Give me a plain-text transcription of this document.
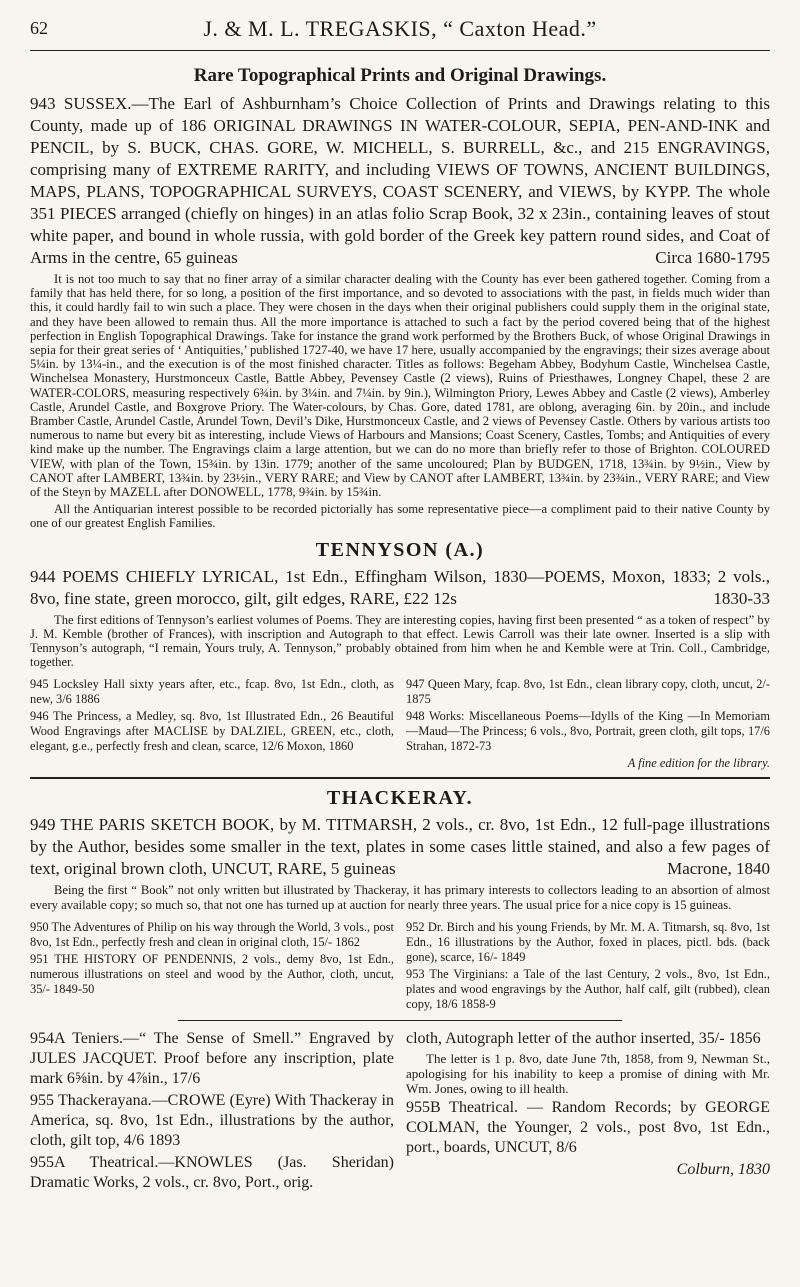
62	J. & M. L. TREGASKIS, “ Caxton Head.”
Rare Topographical Prints and Original Drawings.

943 SUSSEX.—The Earl of Ashburnham’s Choice Collection of Prints and Drawings relating to this County, made up of 186 ORIGINAL DRAWINGS IN WATER-COLOUR, SEPIA, PEN-AND-INK and PENCIL, by S. BUCK, CHAS. GORE, W. MICHELL, S. BURRELL, &c., and 215 ENGRAVINGS, comprising many of EXTREME RARITY, and including VIEWS OF TOWNS, ANCIENT BUILDINGS, MAPS, PLANS, TOPOGRAPHICAL SURVEYS, COAST SCENERY, and VIEWS, by KYPP. The whole 351 PIECES arranged (chiefly on hinges) in an atlas folio Scrap Book, 32 x 23in., containing leaves of stout white paper, and bound in whole russia, with gold border of the Greek key pattern round sides, and Coat of Arms in the centre, 65 guineas	Circa 1680-1795

It is not too much to say that no finer array of a similar character dealing with the County has ever been gathered together. Coming from a family that has held there, for so long, a position of the first importance, and so devoted to associations with the past, in fields much wider than this, it could hardly fail to win such a place. They were chosen in the days when their original publishers could supply them in the original state, and they have been allowed to remain thus. All the more importance is attached to such a fact by the period covered being that of the highest perfection in English Topographical Drawings. Take for instance the grand work performed by the Brothers Buck, of whose Original Drawings in sepia for their great series of ‘ Antiquities,’ published 1727-40, we have 17 here, usually accompanied by the engravings; their sizes average about 5¼in. by 13¼-in., and the execution is of the most finished character. Titles as follows: Begeham Abbey, Bodyhum Castle, Winchelsea Castle, Winchelsea Monastery, Hurstmonceux Castle, Battle Abbey, Pevensey Castle (2 views), Ruins of Priesthawes, Longney Chapel, these 2 are WATER-COLORS, measuring respectively 6¾in. by 3¼in. and 7¼in. by 9in.), Wilmington Priory, Lewes Abbey and Castle (2 views), Amberley Castle, Arundel Castle, and Boxgrove Priory. The Water-colours, by Chas. Gore, dated 1781, are oblong, averaging 6in. by 20in., and include Bramber Castle, Arundel Castle, Arundel Town, Devil’s Dike, Hurstmonceux Castle, and 2 views of Pevensey Castle. Others by various artists too numerous to name but every bit as interesting, include Views of Harbours and Mansions; Coast Scenery, Castles, Tombs; and Antiquities of every kind make up the number. The Engravings claim a large attention, but we can do no more than briefly refer to those of Brighton. COLOURED VIEW, with plan of the Town, 15¾in. by 13in. 1779; another of the same uncoloured; Plan by BUDGEN, 1718, 13¾in. by 9½in., View by CANOT after LAMBERT, 13¾in. by 23½in., VERY RARE; and View by CANOT after LAMBERT, 13¾in. by 23¾in., VERY RARE; and View of the Steyn by MAZELL after DONOWELL, 1778, 9¾in. by 15¾in.

All the Antiquarian interest possible to be recorded pictorially has some representative piece—a compliment paid to their native County by one of our greatest English Families.

TENNYSON (A.)

944 POEMS CHIEFLY LYRICAL, 1st Edn., Effingham Wilson, 1830—POEMS, Moxon, 1833; 2 vols., 8vo, fine state, green morocco, gilt, gilt edges, RARE, £22 12s	1830-33

The first editions of Tennyson’s earliest volumes of Poems. They are interesting copies, having first been presented “ as a token of respect” by J. M. Kemble (brother of Frances), with inscription and Autograph to that effect. Lewis Carroll was their late owner. Inserted is a slip with Tennyson’s autograph, “I remain, Yours truly, A. Tennyson,” probably obtained from him when he and Kemble were at Trin. Coll., Cambridge, together.

945 Locksley Hall sixty years after, etc., fcap. 8vo, 1st Edn., cloth, as new, 3/6 1886

946 The Princess, a Medley, sq. 8vo, 1st Illustrated Edn., 26 Beautiful Wood Engravings after MACLISE by DALZIEL, GREEN, etc., cloth, elegant, g.e., perfectly fresh and clean, scarce, 12/6 Moxon, 1860

947 Queen Mary, fcap. 8vo, 1st Edn., clean library copy, cloth, uncut, 2/- 1875

948 Works: Miscellaneous Poems—Idylls of the King —In Memoriam—Maud—The Princess; 6 vols., 8vo, Portrait, green cloth, gilt tops, 17/6 Strahan, 1872-73

A fine edition for the library.

THACKERAY.

949 THE PARIS SKETCH BOOK, by M. TITMARSH, 2 vols., cr. 8vo, 1st Edn., 12 full-page illustrations by the Author, besides some smaller in the text, plates in some cases little stained, and also a few pages of text, original brown cloth, UNCUT, RARE, 5 guineas	Macrone, 1840

Being the first “ Book” not only written but illustrated by Thackeray, it has primary interests to collectors leading to an absortion of almost every available copy; so much so, that not one has turned up at auction for nearly three years. The usual price for a nice copy is 15 guineas.

950 The Adventures of Philip on his way through the World, 3 vols., post 8vo, 1st Edn., perfectly fresh and clean in original cloth, 15/- 1862

951 THE HISTORY OF PENDENNIS, 2 vols., demy 8vo, 1st Edn., numerous illustrations on steel and wood by the Author, cloth, uncut, 35/- 1849-50

952 Dr. Birch and his young Friends, by Mr. M. A. Titmarsh, sq. 8vo, 1st Edn., 16 illustrations by the Author, foxed in places, pictl. bds. (back gone), scarce, 16/- 1849

953 The Virginians: a Tale of the last Century, 2 vols., 8vo, 1st Edn., plates and wood engravings by the Author, half calf, gilt (rubbed), clean copy, 18/6 1858-9

954A Teniers.—“ The Sense of Smell.” Engraved by JULES JACQUET. Proof before any inscription, plate mark 6⅝in. by 4⅞in., 17/6

955 Thackerayana.—CROWE (Eyre) With Thackeray in America, sq. 8vo, 1st Edn., illustrations by the author, cloth, gilt top, 4/6 1893

955A Theatrical.—KNOWLES (Jas. Sheridan) Dramatic Works, 2 vols., cr. 8vo, Port., orig.

cloth, Autograph letter of the author inserted, 35/- 1856

The letter is 1 p. 8vo, date June 7th, 1858, from 9, Newman St., apologising for his inability to keep a promise of dining with Mr. Wm. Jones, owing to ill health.

955B Theatrical. — Random Records; by GEORGE COLMAN, the Younger, 2 vols., post 8vo, 1st Edn., port., boards, UNCUT, 8/6

Colburn, 1830
